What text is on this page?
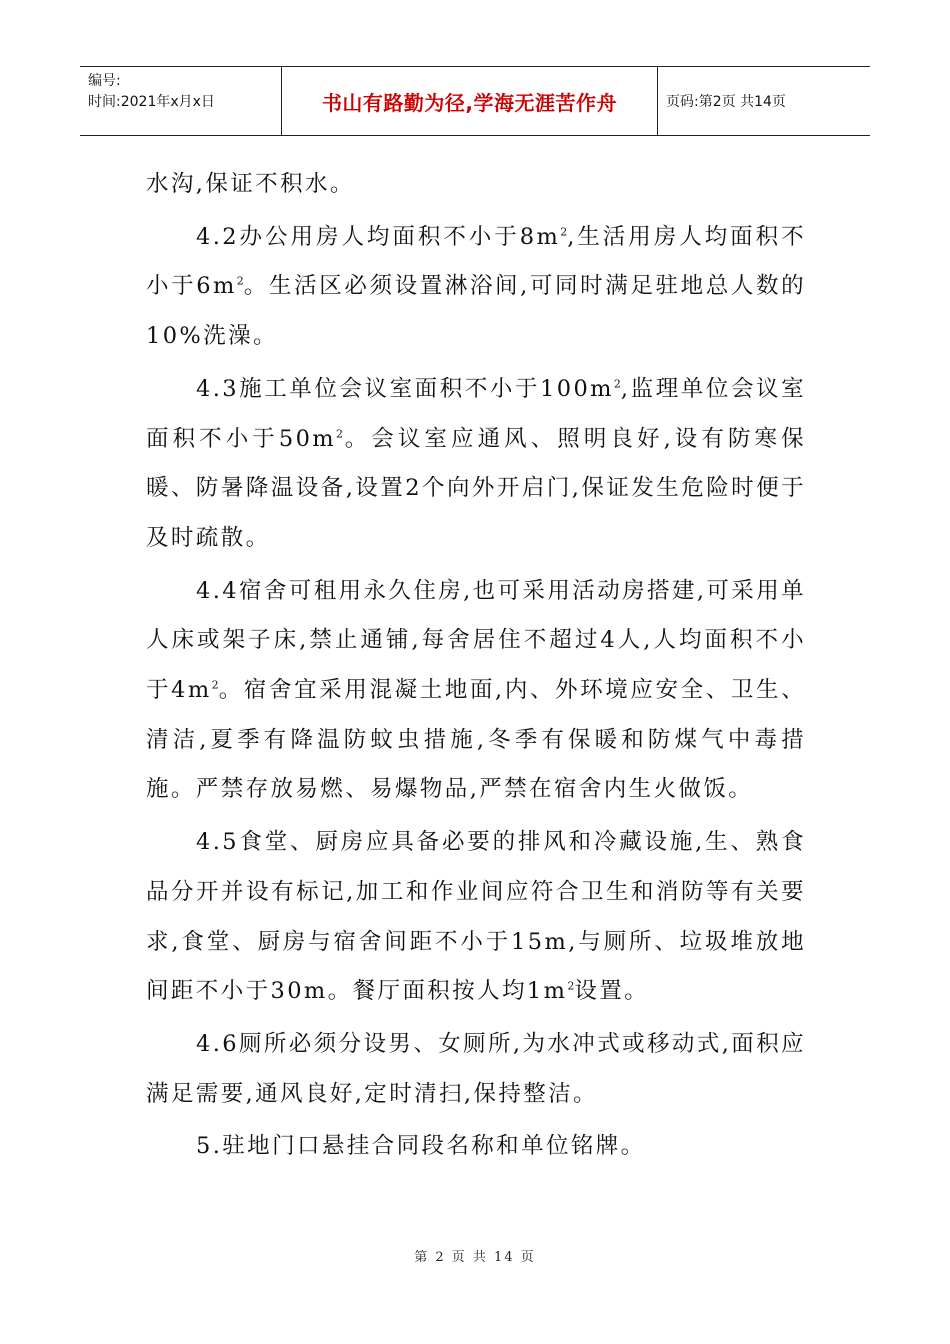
编号:
时间:2021年x月x日	书山有路勤为径,学海无涯苦作舟	页码:第2页 共14页

水沟,保证不积水。

4.2办公用房人均面积不小于$8m^2$,生活用房人均面积不小于$6m^2$。生活区必须设置淋浴间,可同时满足驻地总人数的10%洗澡。

4.3施工单位会议室面积不小于$100m^2$,监理单位会议室面积不小于$50m^2$。会议室应通风、照明良好,设有防寒保暖、防暑降温设备,设置2个向外开启门,保证发生危险时便于及时疏散。

4.4宿舍可租用永久住房,也可采用活动房搭建,可采用单人床或架子床,禁止通铺,每舍居住不超过4人,人均面积不小于$4m^2$。宿舍宜采用混凝土地面,内、外环境应安全、卫生、清洁,夏季有降温防蚊虫措施,冬季有保暖和防煤气中毒措施。严禁存放易燃、易爆物品,严禁在宿舍内生火做饭。

4.5食堂、厨房应具备必要的排风和冷藏设施,生、熟食品分开并设有标记,加工和作业间应符合卫生和消防等有关要求,食堂、厨房与宿舍间距不小于15m,与厕所、垃圾堆放地间距不小于30m。餐厅面积按人均$1m^2$设置。

4.6厕所必须分设男、女厕所,为水冲式或移动式,面积应满足需要,通风良好,定时清扫,保持整洁。

5.驻地门口悬挂合同段名称和单位铭牌。

第 2 页 共 14 页
